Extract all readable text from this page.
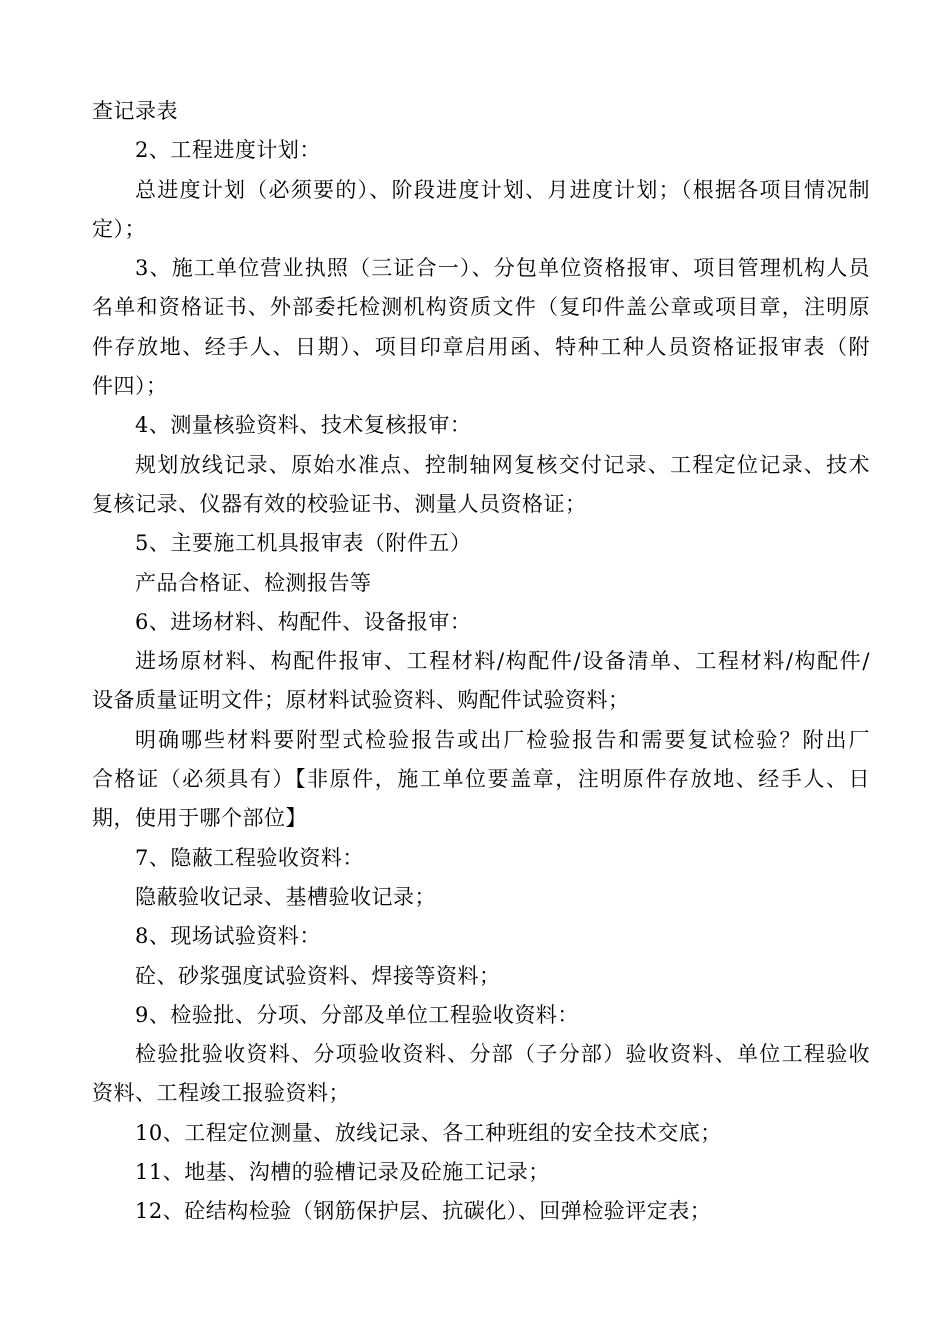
查记录表
2、工程进度计划：
总进度计划（必须要的）、阶段进度计划、月进度计划；（根据各项目情况制
定）；
3、施工单位营业执照（三证合一）、分包单位资格报审、项目管理机构人员
名单和资格证书、外部委托检测机构资质文件（复印件盖公章或项目章，注明原
件存放地、经手人、日期）、项目印章启用函、特种工种人员资格证报审表（附
件四）；
4、测量核验资料、技术复核报审：
规划放线记录、原始水准点、控制轴网复核交付记录、工程定位记录、技术
复核记录、仪器有效的校验证书、测量人员资格证；
5、主要施工机具报审表（附件五）
产品合格证、检测报告等
6、进场材料、构配件、设备报审：
进场原材料、构配件报审、工程材料/构配件/设备清单、工程材料/构配件/
设备质量证明文件；原材料试验资料、购配件试验资料；
明确哪些材料要附型式检验报告或出厂检验报告和需要复试检验？附出厂
合格证（必须具有）【非原件，施工单位要盖章，注明原件存放地、经手人、日
期，使用于哪个部位】
7、隐蔽工程验收资料：
隐蔽验收记录、基槽验收记录；
8、现场试验资料：
砼、砂浆强度试验资料、焊接等资料；
9、检验批、分项、分部及单位工程验收资料：
检验批验收资料、分项验收资料、分部（子分部）验收资料、单位工程验收
资料、工程竣工报验资料；
10、工程定位测量、放线记录、各工种班组的安全技术交底；
11、地基、沟槽的验槽记录及砼施工记录；
12、砼结构检验（钢筋保护层、抗碳化）、回弹检验评定表；
